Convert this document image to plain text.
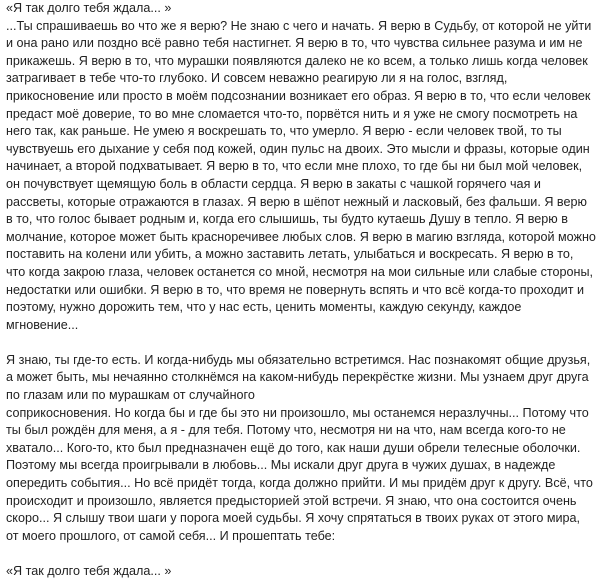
«Я так долго тебя ждала... »

...Ты спрашиваешь во что же я верю? Не знаю с чего и начать. Я верю в Судьбу, от которой не уйти и она рано или поздно всё равно тебя настигнет. Я верю в то, что чувства сильнее разума и им не прикажешь. Я верю в то, что мурашки появляются далеко не ко всем, а только лишь когда человек затрагивает в тебе что-то глубоко. И совсем неважно реагирую ли я на голос, взгляд, прикосновение или просто в моём подсознании возникает его образ. Я верю в то, что если человек предаст моё доверие, то во мне сломается что-то, порвётся нить и я уже не смогу посмотреть на него так, как раньше. Не умею я воскрешать то, что умерло. Я верю - если человек твой, то ты чувствуешь его дыхание у себя под кожей, один пульс на двоих. Это мысли и фразы, которые один начинает, а второй подхватывает. Я верю в то, что если мне плохо, то где бы ни был мой человек, он почувствует щемящую боль в области сердца. Я верю в закаты с чашкой горячего чая и рассветы, которые отражаются в глазах. Я верю в шёпот нежный и ласковый, без фальши. Я верю в то, что голос бывает родным и, когда его слышишь, ты будто кутаешь Душу в тепло. Я верю в молчание, которое может быть красноречивее любых слов. Я верю в магию взгляда, которой можно поставить на колени или убить, а можно заставить летать, улыбаться и воскресать. Я верю в то, что когда закрою глаза, человек останется со мной, несмотря на мои сильные или слабые стороны, недостатки или ошибки. Я верю в то, что время не повернуть вспять и что всё когда-то проходит и поэтому, нужно дорожить тем, что у нас есть, ценить моменты, каждую секунду, каждое мгновение...

Я знаю, ты где-то есть. И когда-нибудь мы обязательно встретимся. Нас познакомят общие друзья, а может быть, мы нечаянно столкнёмся на каком-нибудь перекрёстке жизни. Мы узнаем друг друга по глазам или по мурашкам от случайного
соприкосновения. Но когда бы и где бы это ни произошло, мы останемся неразлучны... Потому что ты был рождён для меня, а я - для тебя. Потому что, несмотря ни на что, нам всегда кого-то не хватало... Кого-то, кто был предназначен ещё до того, как наши души обрели телесные оболочки. Поэтому мы всегда проигрывали в любовь... Мы искали друг друга в чужих душах, в надежде опередить события... Но всё придёт тогда, когда должно прийти. И мы придём друг к другу. Всё, что происходит и произошло, является предысторией этой встречи. Я знаю, что она состоится очень скоро... Я слышу твои шаги у порога моей судьбы. Я хочу спрятаться в твоих руках от этого мира, от моего прошлого, от самой себя... И прошептать тебе:

«Я так долго тебя ждала... »
